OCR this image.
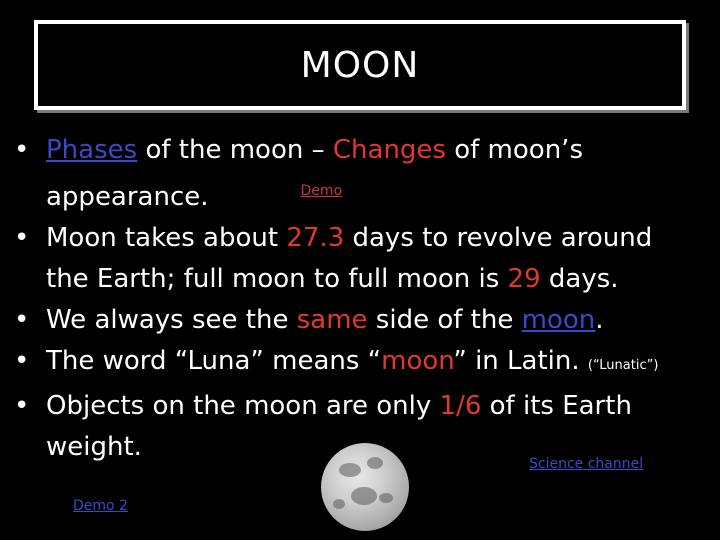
MOON
• Phases of the moon – Changes of moon’s
appearance.	$^{Demo}$
• Moon takes about 27.3 days to revolve around
the Earth; full moon to full moon is 29 days.
• We always see the same side of the moon.
• The word “Luna” means “moon” in Latin. (“Lunatic”)
• Objects on the moon are only 1/6 of its Earth
weight.
Science channel
Demo 2
